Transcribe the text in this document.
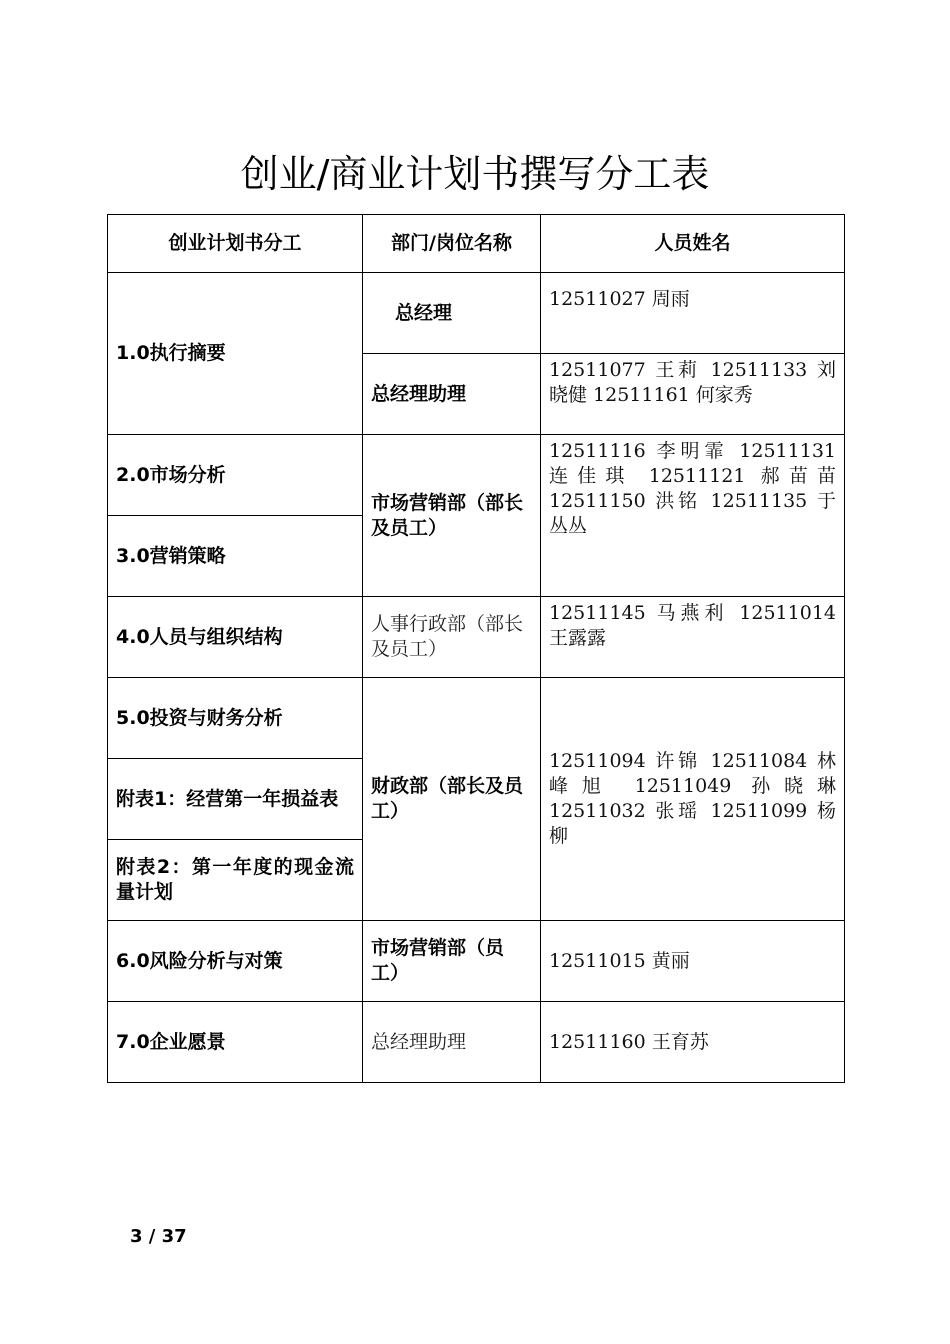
创业/商业计划书撰写分工表
创业计划书分工	部门/岗位名称	人员姓名
1.0执行摘要	总经理	12511027 周雨
	总经理助理	12511077 王莉 12511133 刘晓健 12511161 何家秀
2.0市场分析	市场营销部（部长及员工）	12511116 李明霏 12511131 连佳琪 12511121 郝苗苗 12511150 洪铭 12511135 于丛丛
3.0营销策略		
4.0人员与组织结构	人事行政部（部长及员工）	12511145 马燕利 12511014 王露露
5.0投资与财务分析	财政部（部长及员工）	12511094 许锦 12511084 林峰旭 12511049 孙晓琳 12511032 张瑶 12511099 杨柳
附表1：经营第一年损益表		
附表2：第一年度的现金流量计划		
6.0风险分析与对策	市场营销部（员工）	12511015 黄丽
7.0企业愿景	总经理助理	12511160 王育苏
3 / 37
